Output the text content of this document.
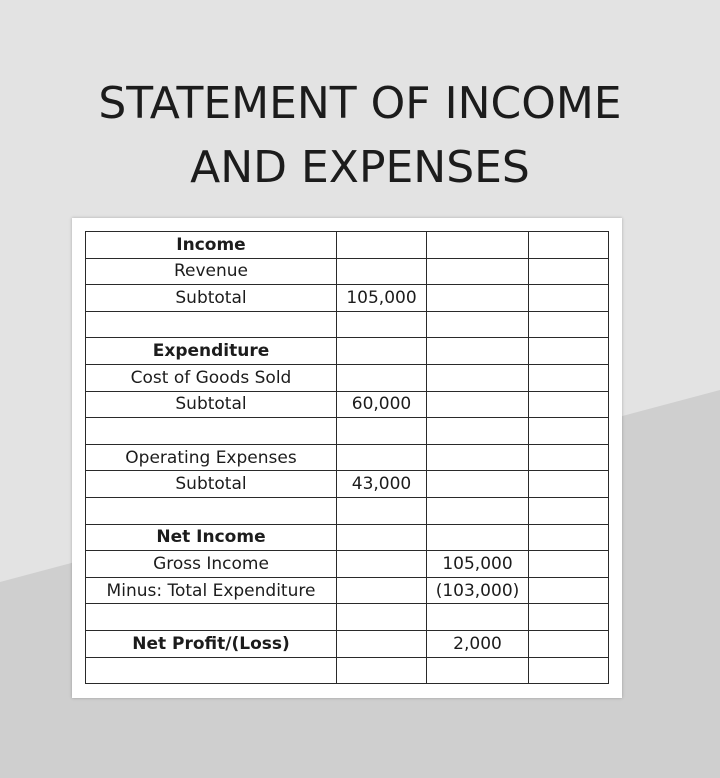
STATEMENT OF INCOME
AND EXPENSES
Income			
Revenue			
Subtotal	105,000		

Expenditure			
Cost of Goods Sold			
Subtotal	60,000		

Operating Expenses			
Subtotal	43,000		

Net Income			
Gross Income		105,000	
Minus: Total Expenditure		(103,000)	

Net Profit/(Loss)		2,000	
